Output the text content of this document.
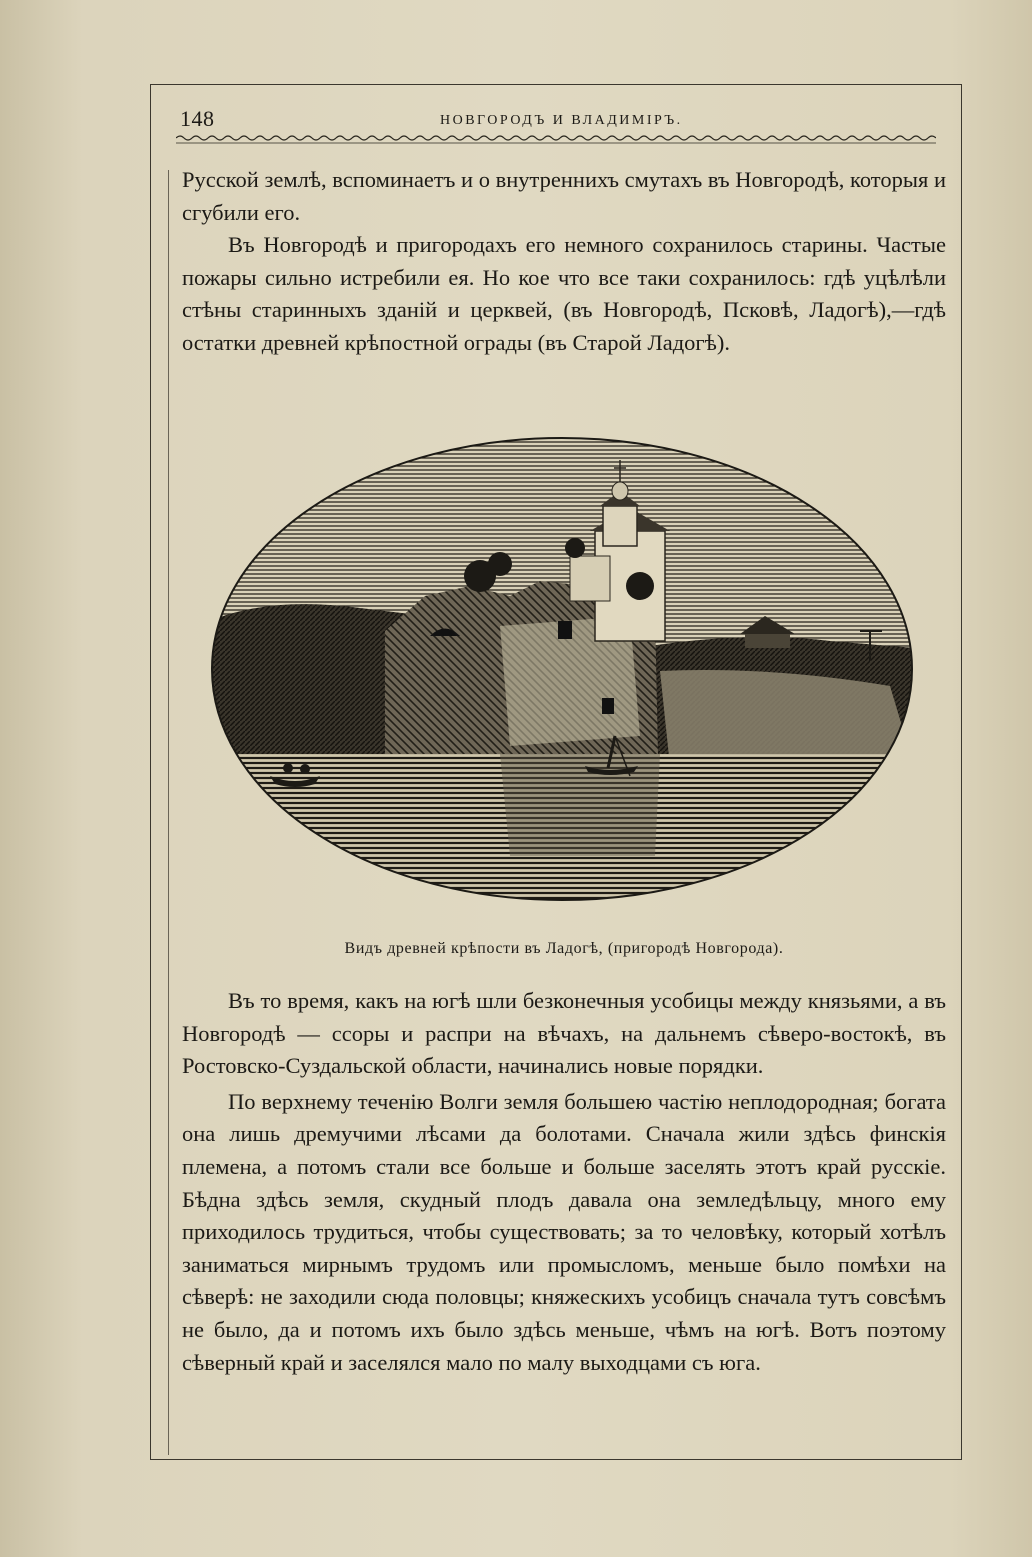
148	НОВГОРОДЪ И ВЛАДИМІРЪ.

Русской землѣ, вспоминаетъ и о внутреннихъ смутахъ въ Новгородѣ, которыя и сгубили его.

Въ Новгородѣ и пригородахъ его немного сохранилось старины. Частые пожары сильно истребили ея. Но кое что все таки сохранилось: гдѣ уцѣлѣли стѣны старинныхъ зданій и церквей, (въ Новгородѣ, Псковѣ, Ладогѣ),—гдѣ остатки древней крѣпостной ограды (въ Старой Ладогѣ).

Видъ древней крѣпости въ Ладогѣ, (пригородѣ Новгорода).

Въ то время, какъ на югѣ шли безконечныя усобицы между князьями, а въ Новгородѣ — ссоры и распри на вѣчахъ, на дальнемъ сѣверо-востокѣ, въ Ростовско-Суздальской области, начинались новые порядки.

По верхнему теченію Волги земля большею частію неплодородная; богата она лишь дремучими лѣсами да болотами. Сначала жили здѣсь финскія племена, а потомъ стали все больше и больше заселять этотъ край русскіе. Бѣдна здѣсь земля, скудный плодъ давала она земледѣльцу, много ему приходилось трудиться, чтобы существовать; за то человѣку, который хотѣлъ заниматься мирнымъ трудомъ или промысломъ, меньше было помѣхи на сѣверѣ: не заходили сюда половцы; княжескихъ усобицъ сначала тутъ совсѣмъ не было, да и потомъ ихъ было здѣсь меньше, чѣмъ на югѣ. Вотъ поэтому сѣверный край и заселялся мало по малу выходцами съ юга.
